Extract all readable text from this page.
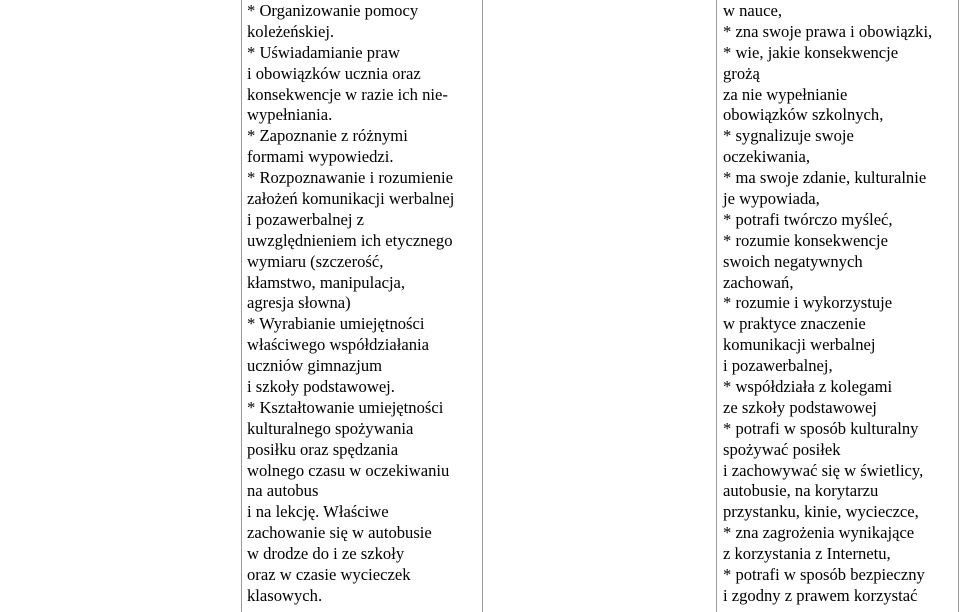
* Organizowanie pomocy
koleżeńskiej.
* Uświadamianie praw
i obowiązków ucznia oraz
konsekwencje w razie ich nie-
wypełniania.
* Zapoznanie z różnymi
formami wypowiedzi.
* Rozpoznawanie i rozumienie
założeń komunikacji werbalnej
i pozawerbalnej z
uwzględnieniem ich etycznego
wymiaru (szczerość,
kłamstwo, manipulacja,
agresja słowna)
* Wyrabianie umiejętności
właściwego współdziałania
uczniów gimnazjum
i szkoły podstawowej.
* Kształtowanie umiejętności
kulturalnego spożywania
posiłku oraz spędzania
wolnego czasu w oczekiwaniu
na autobus
i na lekcję. Właściwe
zachowanie się w autobusie
w drodze do i ze szkoły
oraz w czasie wycieczek
klasowych.
w nauce,
* zna swoje prawa i obowiązki,
* wie, jakie konsekwencje
grożą
za nie wypełnianie
obowiązków szkolnych,
* sygnalizuje swoje
oczekiwania,
* ma swoje zdanie, kulturalnie
je wypowiada,
* potrafi twórczo myśleć,
* rozumie konsekwencje
swoich negatywnych
zachowań,
* rozumie i wykorzystuje
w praktyce znaczenie
komunikacji werbalnej
i pozawerbalnej,
* współdziała z kolegami
ze szkoły podstawowej
* potrafi w sposób kulturalny
spożywać posiłek
i zachowywać się w świetlicy,
autobusie, na korytarzu
przystanku, kinie, wycieczce,
* zna zagrożenia wynikające
z korzystania z Internetu,
* potrafi w sposób bezpieczny
i zgodny z prawem korzystać
